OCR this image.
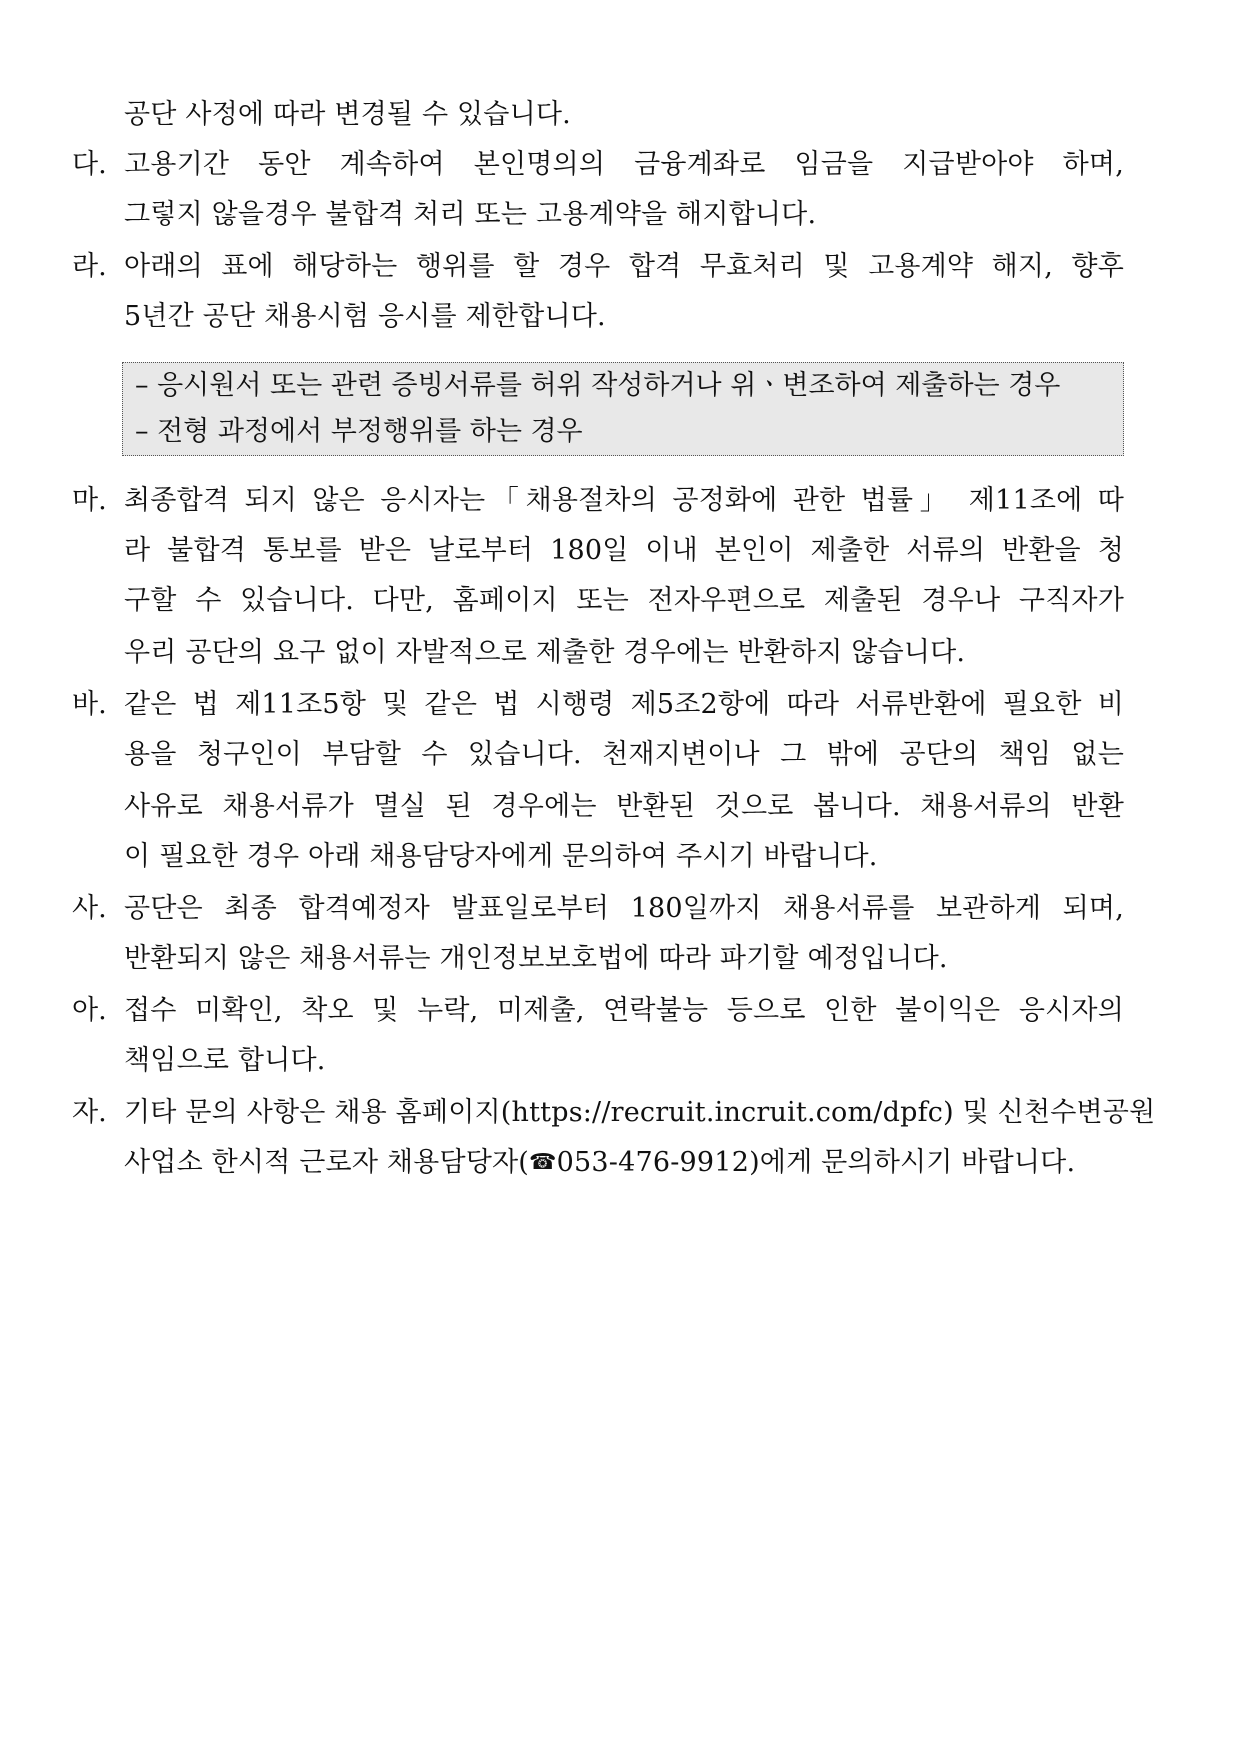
공단 사정에 따라 변경될 수 있습니다.
다. 고용기간 동안 계속하여 본인명의의 금융계좌로 임금을 지급받아야 하며,
그렇지 않을경우 불합격 처리 또는 고용계약을 해지합니다.
라. 아래의 표에 해당하는 행위를 할 경우 합격 무효처리 및 고용계약 해지, 향후
5년간 공단 채용시험 응시를 제한합니다.
– 응시원서 또는 관련 증빙서류를 허위 작성하거나 위ㆍ변조하여 제출하는 경우
– 전형 과정에서 부정행위를 하는 경우
마. 최종합격 되지 않은 응시자는「채용절차의 공정화에 관한 법률」 제11조에 따
라 불합격 통보를 받은 날로부터 180일 이내 본인이 제출한 서류의 반환을 청
구할 수 있습니다. 다만, 홈페이지 또는 전자우편으로 제출된 경우나 구직자가
우리 공단의 요구 없이 자발적으로 제출한 경우에는 반환하지 않습니다.
바. 같은 법 제11조5항 및 같은 법 시행령 제5조2항에 따라 서류반환에 필요한 비
용을 청구인이 부담할 수 있습니다. 천재지변이나 그 밖에 공단의 책임 없는
사유로 채용서류가 멸실 된 경우에는 반환된 것으로 봅니다. 채용서류의 반환
이 필요한 경우 아래 채용담당자에게 문의하여 주시기 바랍니다.
사. 공단은 최종 합격예정자 발표일로부터 180일까지 채용서류를 보관하게 되며,
반환되지 않은 채용서류는 개인정보보호법에 따라 파기할 예정입니다.
아. 접수 미확인, 착오 및 누락, 미제출, 연락불능 등으로 인한 불이익은 응시자의
책임으로 합니다.
자. 기타 문의 사항은 채용 홈페이지(https://recruit.incruit.com/dpfc) 및 신천수변공원
사업소 한시적 근로자 채용담당자(☎053-476-9912)에게 문의하시기 바랍니다.
